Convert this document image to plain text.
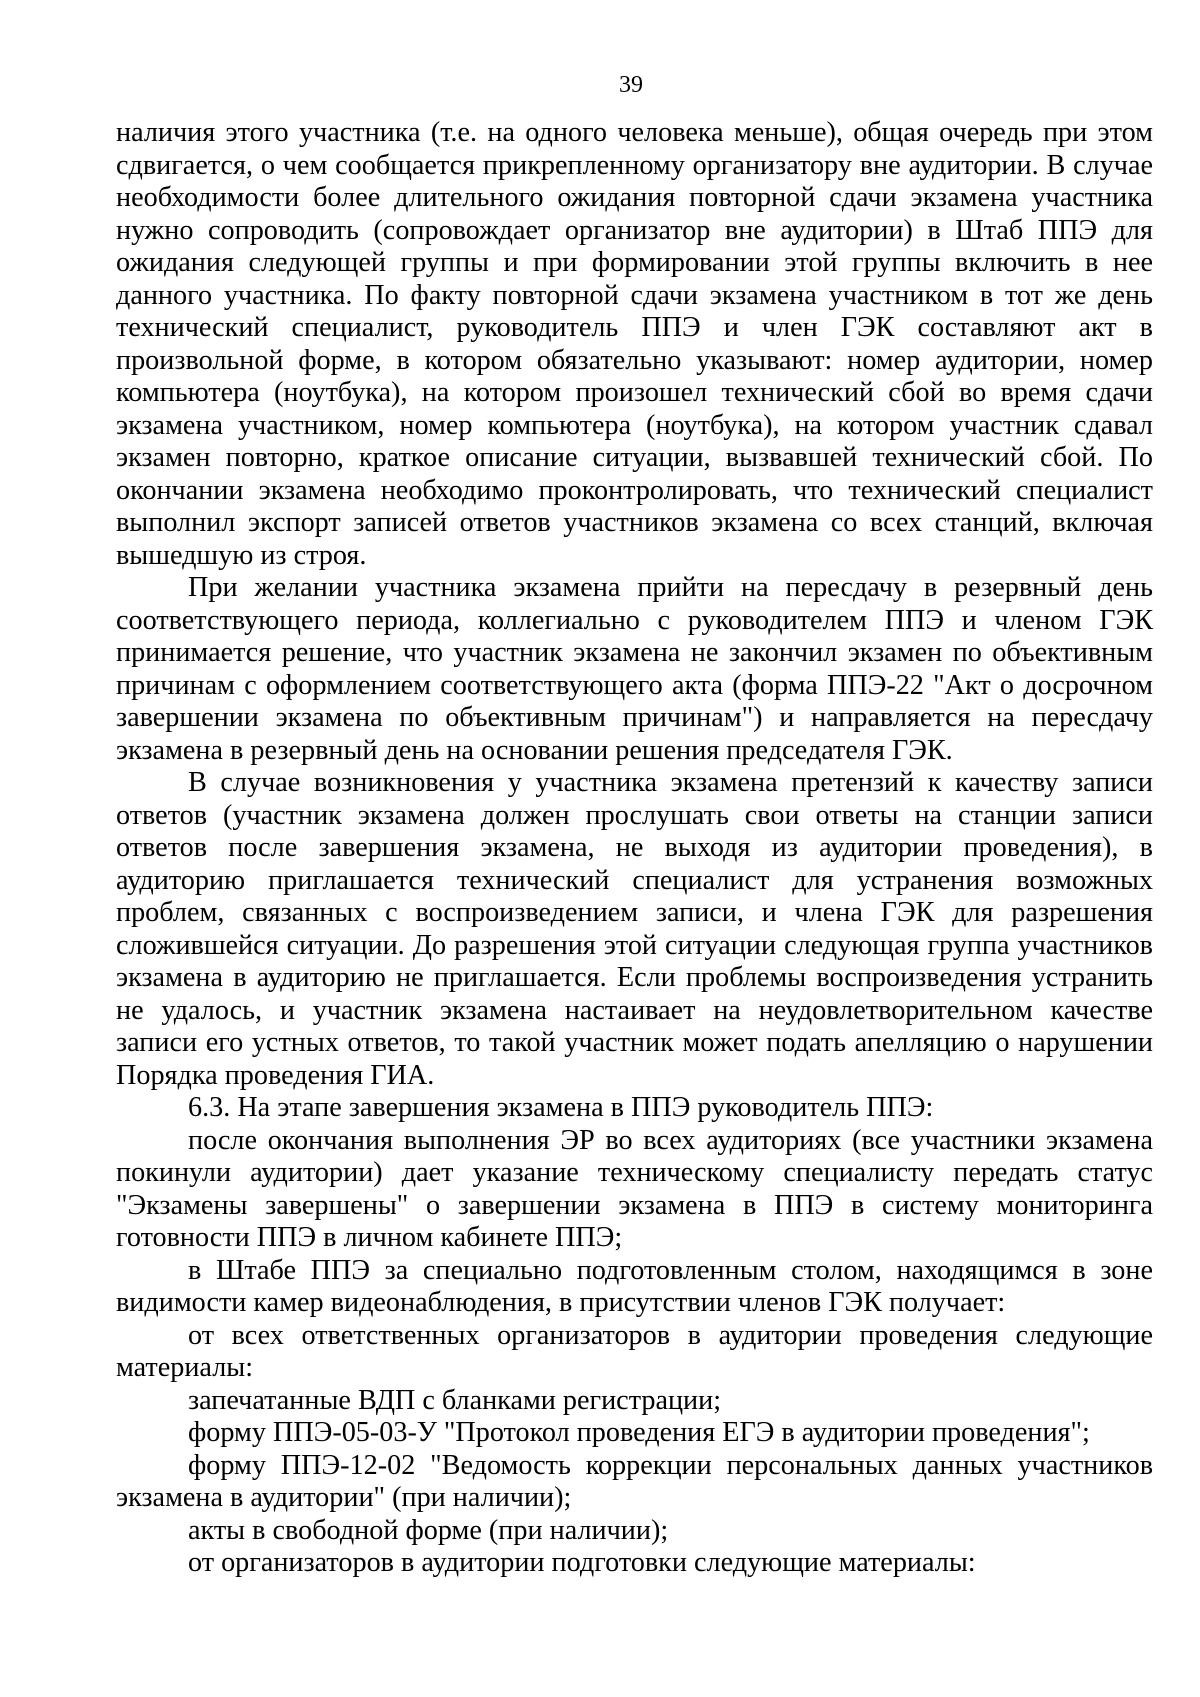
39

наличия этого участника (т.е. на одного человека меньше), общая очередь при этом сдвигается, о чем сообщается прикрепленному организатору вне аудитории. В случае необходимости более длительного ожидания повторной сдачи экзамена участника нужно сопроводить (сопровождает организатор вне аудитории) в Штаб ППЭ для ожидания следующей группы и при формировании этой группы включить в нее данного участника. По факту повторной сдачи экзамена участником в тот же день технический специалист, руководитель ППЭ и член ГЭК составляют акт в произвольной форме, в котором обязательно указывают: номер аудитории, номер компьютера (ноутбука), на котором произошел технический сбой во время сдачи экзамена участником, номер компьютера (ноутбука), на котором участник сдавал экзамен повторно, краткое описание ситуации, вызвавшей технический сбой. По окончании экзамена необходимо проконтролировать, что технический специалист выполнил экспорт записей ответов участников экзамена со всех станций, включая вышедшую из строя.

При желании участника экзамена прийти на пересдачу в резервный день соответствующего периода, коллегиально с руководителем ППЭ и членом ГЭК принимается решение, что участник экзамена не закончил экзамен по объективным причинам с оформлением соответствующего акта (форма ППЭ-22 "Акт о досрочном завершении экзамена по объективным причинам") и направляется на пересдачу экзамена в резервный день на основании решения председателя ГЭК.

В случае возникновения у участника экзамена претензий к качеству записи ответов (участник экзамена должен прослушать свои ответы на станции записи ответов после завершения экзамена, не выходя из аудитории проведения), в аудиторию приглашается технический специалист для устранения возможных проблем, связанных с воспроизведением записи, и члена ГЭК для разрешения сложившейся ситуации. До разрешения этой ситуации следующая группа участников экзамена в аудиторию не приглашается. Если проблемы воспроизведения устранить не удалось, и участник экзамена настаивает на неудовлетворительном качестве записи его устных ответов, то такой участник может подать апелляцию о нарушении Порядка проведения ГИА.

6.3. На этапе завершения экзамена в ППЭ руководитель ППЭ:

после окончания выполнения ЭР во всех аудиториях (все участники экзамена покинули аудитории) дает указание техническому специалисту передать статус "Экзамены завершены" о завершении экзамена в ППЭ в систему мониторинга готовности ППЭ в личном кабинете ППЭ;

в Штабе ППЭ за специально подготовленным столом, находящимся в зоне видимости камер видеонаблюдения, в присутствии членов ГЭК получает:

от всех ответственных организаторов в аудитории проведения следующие материалы:

запечатанные ВДП с бланками регистрации;

форму ППЭ-05-03-У "Протокол проведения ЕГЭ в аудитории проведения";

форму ППЭ-12-02 "Ведомость коррекции персональных данных участников экзамена в аудитории" (при наличии);

акты в свободной форме (при наличии);

от организаторов в аудитории подготовки следующие материалы:
